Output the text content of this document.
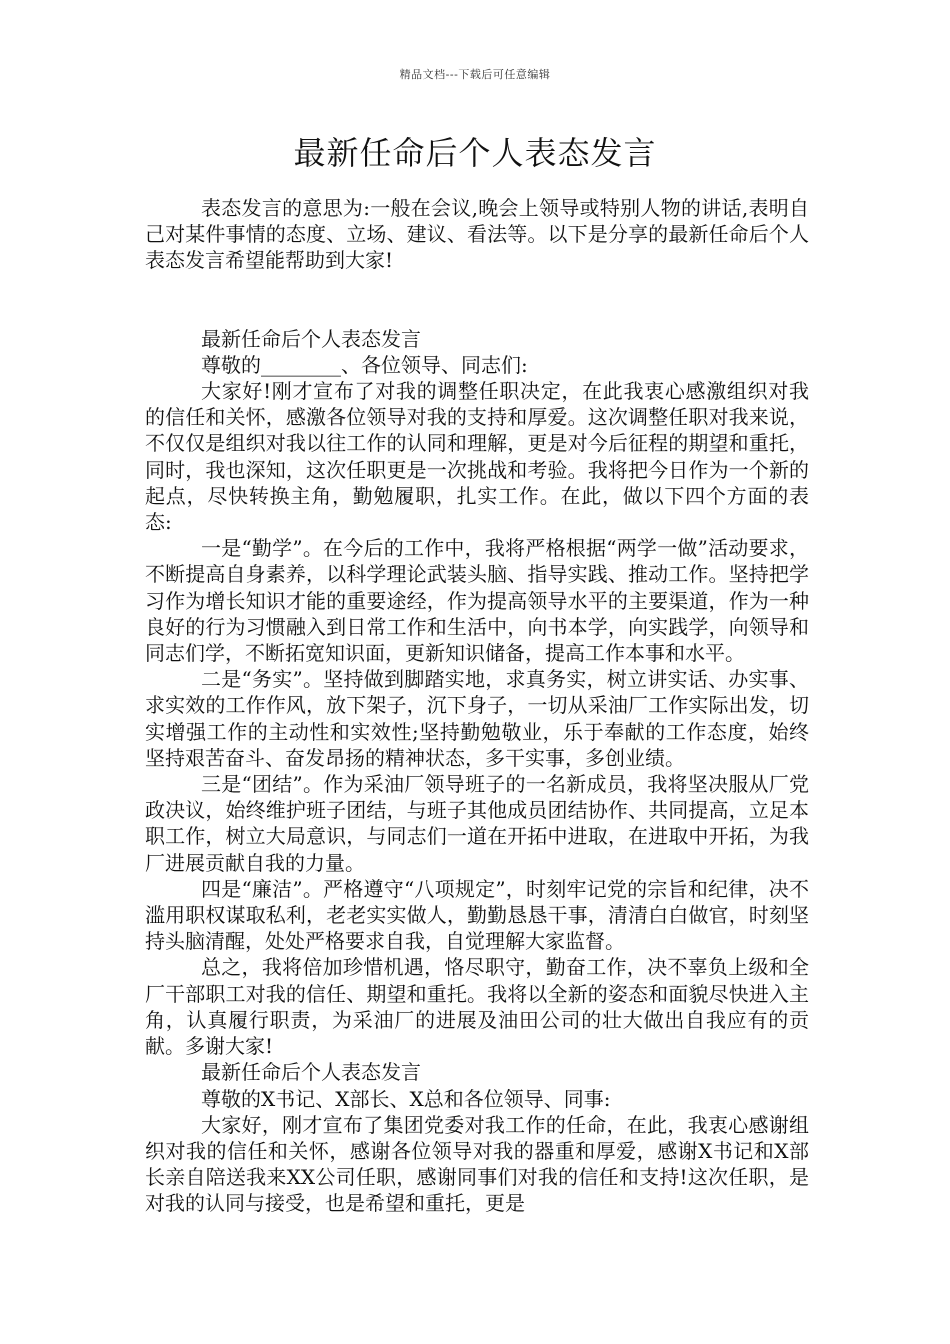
精品文档---下载后可任意编辑
最新任命后个人表态发言

表态发言的意思为:一般在会议,晚会上领导或特别人物的讲话,表明自己对某件事情的态度、立场、建议、看法等。以下是分享的最新任命后个人表态发言希望能帮助到大家!

最新任命后个人表态发言

尊敬的________、各位领导、同志们:

大家好!刚才宣布了对我的调整任职决定，在此我衷心感激组织对我的信任和关怀，感激各位领导对我的支持和厚爱。这次调整任职对我来说，不仅仅是组织对我以往工作的认同和理解，更是对今后征程的期望和重托，同时，我也深知，这次任职更是一次挑战和考验。我将把今日作为一个新的起点，尽快转换主角，勤勉履职，扎实工作。在此，做以下四个方面的表态:

一是“勤学”。在今后的工作中，我将严格根据“两学一做”活动要求，不断提高自身素养，以科学理论武装头脑、指导实践、推动工作。坚持把学习作为增长知识才能的重要途经，作为提高领导水平的主要渠道，作为一种良好的行为习惯融入到日常工作和生活中，向书本学，向实践学，向领导和同志们学，不断拓宽知识面，更新知识储备，提高工作本事和水平。

二是“务实”。坚持做到脚踏实地，求真务实，树立讲实话、办实事、求实效的工作作风，放下架子，沉下身子，一切从采油厂工作实际出发，切实增强工作的主动性和实效性;坚持勤勉敬业，乐于奉献的工作态度，始终坚持艰苦奋斗、奋发昂扬的精神状态，多干实事，多创业绩。

三是“团结”。作为采油厂领导班子的一名新成员，我将坚决服从厂党政决议，始终维护班子团结，与班子其他成员团结协作、共同提高，立足本职工作，树立大局意识，与同志们一道在开拓中进取，在进取中开拓，为我厂进展贡献自我的力量。

四是“廉洁”。严格遵守“八项规定”，时刻牢记党的宗旨和纪律，决不滥用职权谋取私利，老老实实做人，勤勤恳恳干事，清清白白做官，时刻坚持头脑清醒，处处严格要求自我，自觉理解大家监督。

总之，我将倍加珍惜机遇，恪尽职守，勤奋工作，决不辜负上级和全厂干部职工对我的信任、期望和重托。我将以全新的姿态和面貌尽快进入主角，认真履行职责，为采油厂的进展及油田公司的壮大做出自我应有的贡献。多谢大家!

最新任命后个人表态发言

尊敬的X书记、X部长、X总和各位领导、同事:

大家好，刚才宣布了集团党委对我工作的任命，在此，我衷心感谢组织对我的信任和关怀，感谢各位领导对我的器重和厚爱，感谢X书记和X部长亲自陪送我来XX公司任职，感谢同事们对我的信任和支持!这次任职，是对我的认同与接受，也是希望和重托，更是
